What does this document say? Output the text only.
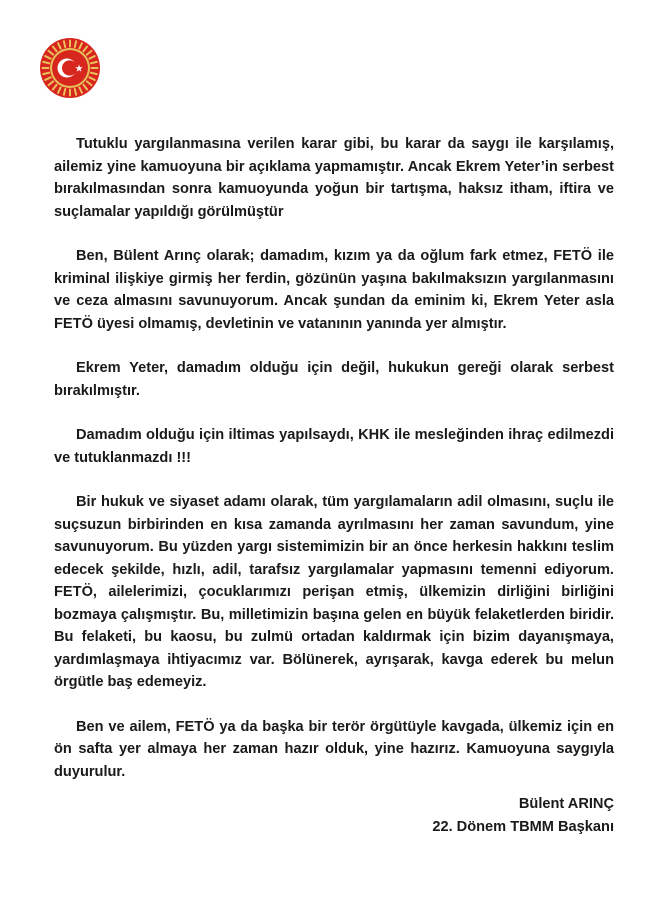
Tutuklu yargılanmasına verilen karar gibi, bu karar da saygı ile karşılamış, ailemiz yine kamuoyuna bir açıklama yapmamıştır. Ancak Ekrem Yeter’in serbest bırakılmasından sonra kamuoyunda yoğun bir tartışma, haksız itham, iftira ve suçlamalar yapıldığı görülmüştür

Ben, Bülent Arınç olarak; damadım, kızım ya da oğlum fark etmez, FETÖ ile kriminal ilişkiye girmiş her ferdin, gözünün yaşına bakılmaksızın yargılanmasını ve ceza almasını savunuyorum. Ancak şundan da eminim ki, Ekrem Yeter asla FETÖ üyesi olmamış, devletinin ve vatanının yanında yer almıştır.

Ekrem Yeter, damadım olduğu için değil, hukukun gereği olarak serbest bırakılmıştır.

Damadım olduğu için iltimas yapılsaydı, KHK ile mesleğinden ihraç edilmezdi ve tutuklanmazdı !!!

Bir hukuk ve siyaset adamı olarak, tüm yargılamaların adil olmasını, suçlu ile suçsuzun birbirinden en kısa zamanda ayrılmasını her zaman savundum, yine savunuyorum. Bu yüzden yargı sistemimizin bir an önce herkesin hakkını teslim edecek şekilde, hızlı, adil, tarafsız yargılamalar yapmasını temenni ediyorum. FETÖ, ailelerimizi, çocuklarımızı perişan etmiş, ülkemizin dirliğini birliğini bozmaya çalışmıştır. Bu, milletimizin başına gelen en büyük felaketlerden biridir. Bu felaketi, bu kaosu, bu zulmü ortadan kaldırmak için bizim dayanışmaya, yardımlaşmaya ihtiyacımız var. Bölünerek, ayrışarak, kavga ederek bu melun örgütle baş edemeyiz.

Ben ve ailem, FETÖ ya da başka bir terör örgütüyle kavgada, ülkemiz için en ön safta yer almaya her zaman hazır olduk, yine hazırız. Kamuoyuna saygıyla duyurulur.

Bülent ARINÇ
22. Dönem TBMM Başkanı
